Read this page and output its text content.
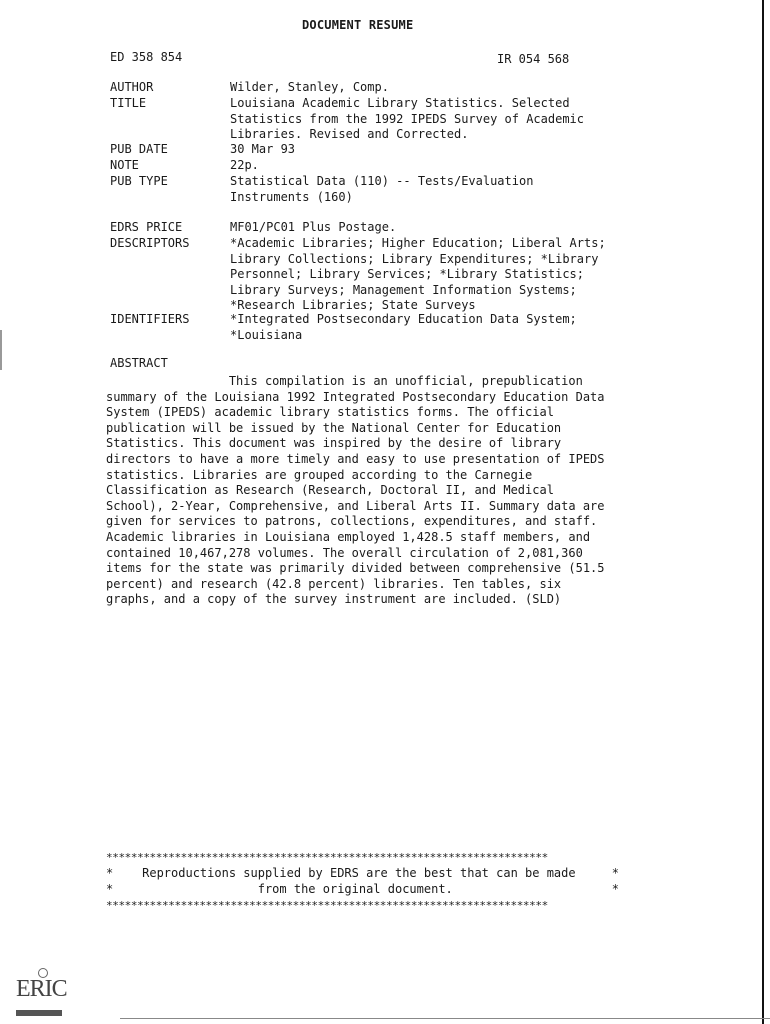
DOCUMENT RESUME
ED 358 854	IR 054 568
AUTHOR	Wilder, Stanley, Comp.
TITLE	Louisiana Academic Library Statistics. Selected Statistics from the 1992 IPEDS Survey of Academic Libraries. Revised and Corrected.
PUB DATE	30 Mar 93
NOTE	22p.
PUB TYPE	Statistical Data (110) -- Tests/Evaluation Instruments (160)
EDRS PRICE	MF01/PC01 Plus Postage.
DESCRIPTORS	*Academic Libraries; Higher Education; Liberal Arts; Library Collections; Library Expenditures; *Library Personnel; Library Services; *Library Statistics; Library Surveys; Management Information Systems; *Research Libraries; State Surveys
IDENTIFIERS	*Integrated Postsecondary Education Data System; *Louisiana
ABSTRACT
This compilation is an unofficial, prepublication
summary of the Louisiana 1992 Integrated Postsecondary Education Data
System (IPEDS) academic library statistics forms. The official
publication will be issued by the National Center for Education
Statistics. This document was inspired by the desire of library
directors to have a more timely and easy to use presentation of IPEDS
statistics. Libraries are grouped according to the Carnegie
Classification as Research (Research, Doctoral II, and Medical
School), 2-Year, Comprehensive, and Liberal Arts II. Summary data are
given for services to patrons, collections, expenditures, and staff.
Academic libraries in Louisiana employed 1,428.5 staff members, and
contained 10,467,278 volumes. The overall circulation of 2,081,360
items for the state was primarily divided between comprehensive (51.5
percent) and research (42.8 percent) libraries. Ten tables, six
graphs, and a copy of the survey instrument are included. (SLD)
***********************************************************************
*    Reproductions supplied by EDRS are the best that can be made     *
*                    from the original document.                      *
***********************************************************************
ERIC
